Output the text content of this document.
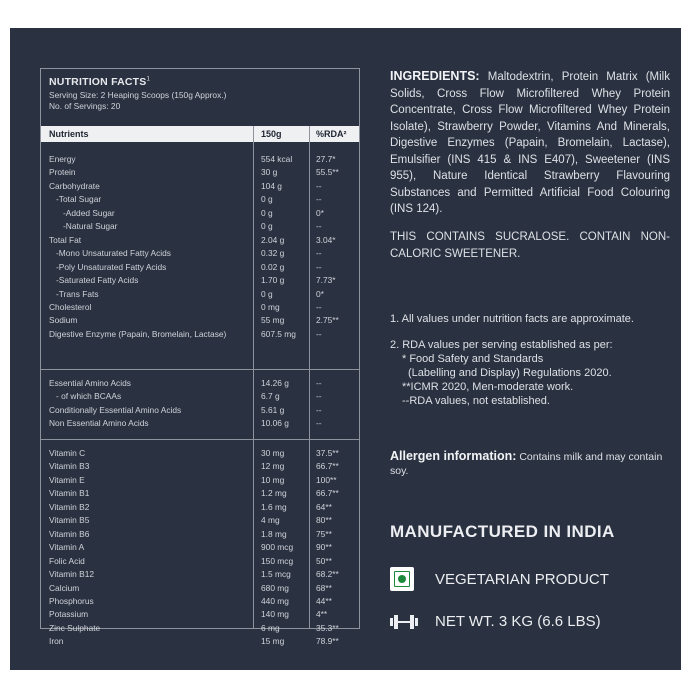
NUTRITION FACTS$^1$
Serving Size: 2 Heaping Scoops (150g Approx.)
No. of Servings: 20
Nutrients	150g	%RDA²
Energy	554 kcal	27.7*
Protein	30 g	55.5**
Carbohydrate	104 g	--
-Total Sugar	0 g	--
-Added Sugar	0 g	0*
-Natural Sugar	0 g	--
Total Fat	2.04 g	3.04*
-Mono Unsaturated Fatty Acids	0.32 g	--
-Poly Unsaturated Fatty Acids	0.02 g	--
-Saturated Fatty Acids	1.70 g	7.73*
-Trans Fats	0 g	0*
Cholesterol	0 mg	--
Sodium	55 mg	2.75**
Digestive Enzyme (Papain, Bromelain, Lactase)	607.5 mg --
Essential Amino Acids	14.26 g	--
- of which BCAAs	6.7 g	--
Conditionally Essential Amino Acids	5.61 g	--
Non Essential Amino Acids	10.06 g	--
Vitamin C	30 mg	37.5**
Vitamin B3	12 mg	66.7**
Vitamin E	10 mg	100**
Vitamin B1	1.2 mg	66.7**
Vitamin B2	1.6 mg	64**
Vitamin B5	4 mg	80**
Vitamin B6	1.8 mg	75**
Vitamin A	900 mcg	90**
Folic Acid	150 mcg	50**
Vitamin B12	1.5 mcg	68.2**
Calcium	680 mg	68**
Phosphorus	440 mg	44**
Potassium	140 mg	4**
Zinc Sulphate	6 mg	35.3**
Iron	15 mg	78.9**
INGREDIENTS: Maltodextrin, Protein Matrix (Milk Solids, Cross Flow Microfiltered Whey Protein Concentrate, Cross Flow Microfiltered Whey Protein Isolate), Strawberry Powder, Vitamins And Minerals, Digestive Enzymes (Papain, Bromelain, Lactase), Emulsifier (INS 415 & INS E407), Sweetener (INS 955), Nature Identical Strawberry Flavouring Substances and Permitted Artificial Food Colouring (INS 124).
THIS CONTAINS SUCRALOSE. CONTAIN NON-CALORIC SWEETENER.
1. All values under nutrition facts are approximate.
2. RDA values per serving established as per:
* Food Safety and Standards
(Labelling and Display) Regulations 2020.
**ICMR 2020, Men-moderate work.
--RDA values, not established.
Allergen information: Contains milk and may contain soy.
MANUFACTURED IN INDIA
VEGETARIAN PRODUCT
NET WT. 3 KG (6.6 LBS)
